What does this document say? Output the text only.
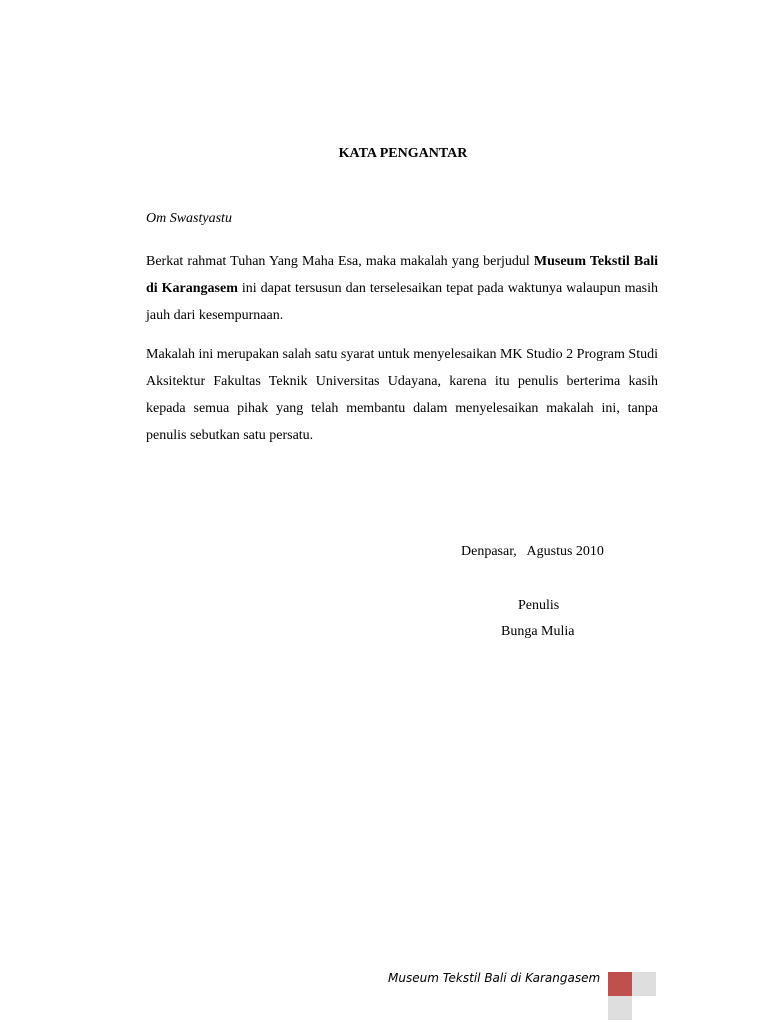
KATA PENGANTAR
Om Swastyastu

Berkat rahmat Tuhan Yang Maha Esa, maka makalah yang berjudul Museum Tekstil Bali di Karangasem ini dapat tersusun dan terselesaikan tepat pada waktunya walaupun masih jauh dari kesempurnaan.

Makalah ini merupakan salah satu syarat untuk menyelesaikan MK Studio 2 Program Studi Aksitektur Fakultas Teknik Universitas Udayana, karena itu penulis berterima kasih kepada semua pihak yang telah membantu dalam menyelesaikan makalah ini, tanpa penulis sebutkan satu persatu.

Denpasar,   Agustus 2010
Penulis
Bunga Mulia
Museum Tekstil Bali di Karangasem
